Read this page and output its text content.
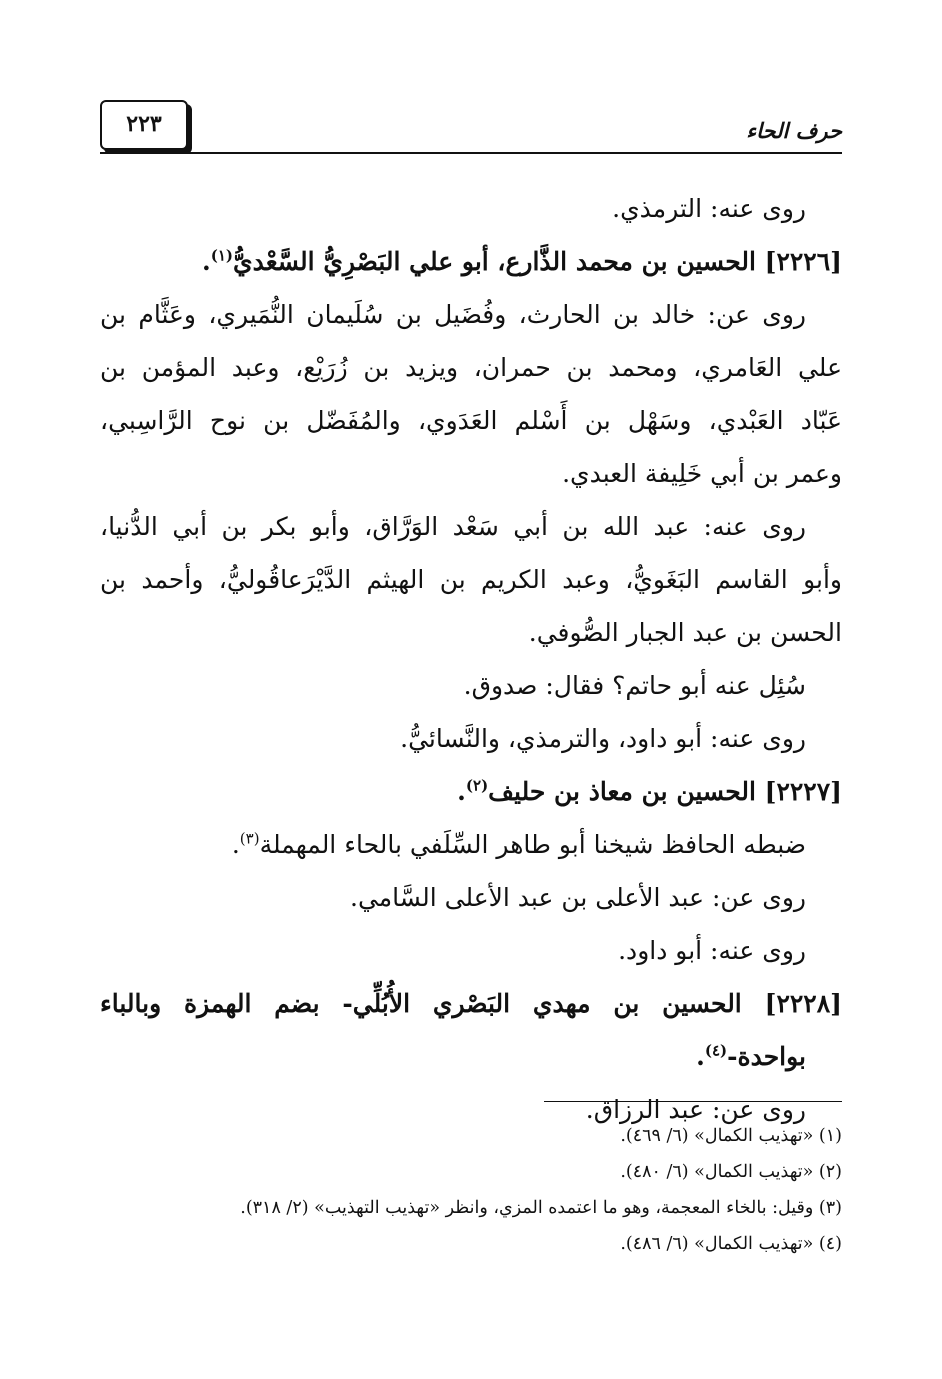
حرف الحاء
٢٢٣
روى عنه: الترمذي.
[٢٢٢٦] الحسين بن محمد الذَّارع، أبو علي البَصْرِيُّ السَّعْديُّ$^{(١)}$.
روى عن: خالد بن الحارث، وفُضَيل بن سُلَيمان النُّمَيري، وعَثَّام بن
علي العَامري، ومحمد بن حمران، ويزيد بن زُرَيْع، وعبد المؤمن بن
عَبّاد العَبْدي، وسَهْل بن أَسْلم العَدَوي، والمُفَضّل بن نوح الرَّاسِبي،
وعمر بن أبي خَلِيفة العبدي.
روى عنه: عبد الله بن أبي سَعْد الوَرَّاق، وأبو بكر بن أبي الدُّنيا،
وأبو القاسم البَغَويُّ، وعبد الكريم بن الهيثم الدَّيْرَعاقُوليُّ، وأحمد بن
الحسن بن عبد الجبار الصُّوفي.
سُئِل عنه أبو حاتم؟ فقال: صدوق.
روى عنه: أبو داود، والترمذي، والنَّسائيُّ.
[٢٢٢٧] الحسين بن معاذ بن حليف$^{(٢)}$.
ضبطه الحافظ شيخنا أبو طاهر السِّلَفي بالحاء المهملة$^{(٣)}$.
روى عن: عبد الأعلى بن عبد الأعلى السَّامي.
روى عنه: أبو داود.
[٢٢٢٨] الحسين بن مهدي البَصْري الأُبُلِّي- بضم الهمزة وبالباء
بواحدة-$^{(٤)}$.
روى عن: عبد الرزاق.
(١) «تهذيب الكمال» (٦/ ٤٦٩).
(٢) «تهذيب الكمال» (٦/ ٤٨٠).
(٣) وقيل: بالخاء المعجمة، وهو ما اعتمده المزي، وانظر «تهذيب التهذيب» (٢/ ٣١٨).
(٤) «تهذيب الكمال» (٦/ ٤٨٦).
